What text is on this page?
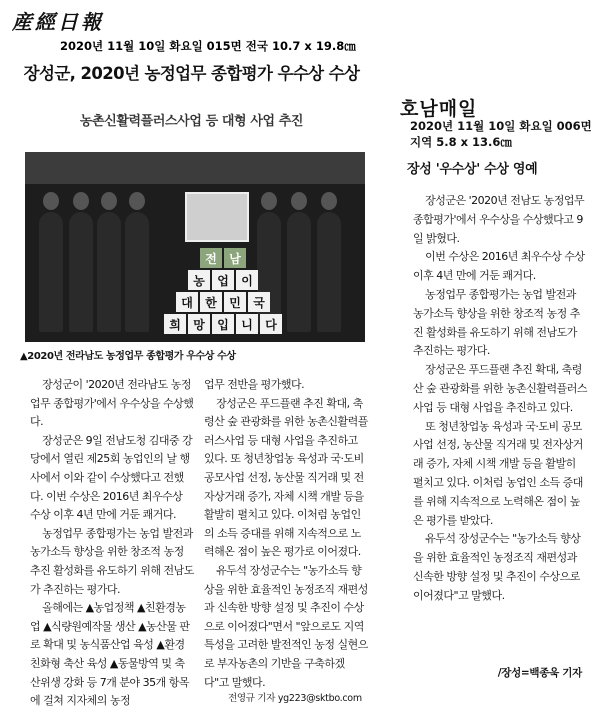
産經日報
2020년 11월 10일 화요일 015면 전국 10.7 x 19.8㎝
장성군, 2020년 농정업무 종합평가 우수상 수상
농촌신활력플러스사업 등 대형 사업 추진
전	남
농	업	이
대	한	민	국
희	망	입	니	다
▲2020년 전라남도 농정업무 종합평가 우수상 수상

장성군이 '2020년 전라남도 농정업무 종합평가'에서 우수상을 수상했다.

장성군은 9일 전남도청 김대중 강당에서 열린 제25회 농업인의 날 행사에서 이와 같이 수상했다고 전했다. 이번 수상은 2016년 최우수상 수상 이후 4년 만에 거둔 쾌거다.

농정업무 종합평가는 농업 발전과 농가소득 향상을 위한 창조적 농정 추진 활성화를 유도하기 위해 전남도가 추진하는 평가다.

올해에는 ▲농업정책 ▲친환경농업 ▲식량원예작물 생산 ▲농산물 판로 확대 및 농식품산업 육성 ▲환경친화형 축산 육성 ▲동물방역 및 축산위생 강화 등 7개 분야 35개 항목에 걸쳐 지자체의 농정

업무 전반을 평가했다.

장성군은 푸드플랜 추진 확대, 축령산 숲 관광화를 위한 농촌신활력플러스사업 등 대형 사업을 추진하고 있다. 또 청년창업농 육성과 국·도비 공모사업 선정, 농산물 직거래 및 전자상거래 증가, 자체 시책 개발 등을 활발히 펼치고 있다. 이처럼 농업인의 소득 증대를 위해 지속적으로 노력해온 점이 높은 평가로 이어졌다.

유두석 장성군수는 "농가소득 향상을 위한 효율적인 농정조직 재편성과 신속한 방향 설정 및 추진이 수상으로 이어졌다"면서 "앞으로도 지역 특성을 고려한 발전적인 농정 실현으로 부자농촌의 기반을 구축하겠다"고 말했다.

전영규 기자 yg223@sktbo.com
호남매일
2020년 11월 10일 화요일 006면 지역 5.8 x 13.6㎝
장성 '우수상' 수상 영예

장성군은 '2020년 전남도 농정업무 종합평가'에서 우수상을 수상했다고 9일 밝혔다.

이번 수상은 2016년 최우수상 수상 이후 4년 만에 거둔 쾌거다.

농정업무 종합평가는 농업 발전과 농가소득 향상을 위한 창조적 농정 추진 활성화를 유도하기 위해 전남도가 추진하는 평가다.

장성군은 푸드플랜 추진 확대, 축령산 숲 관광화를 위한 농촌신활력플러스사업 등 대형 사업을 추진하고 있다.

또 청년창업농 육성과 국·도비 공모사업 선정, 농산물 직거래 및 전자상거래 증가, 자체 시책 개발 등을 활발히 펼치고 있다. 이처럼 농업인 소득 증대를 위해 지속적으로 노력해온 점이 높은 평가를 받았다.

유두석 장성군수는 "농가소득 향상을 위한 효율적인 농정조직 재편성과 신속한 방향 설정 및 추진이 수상으로 이어졌다"고 말했다.

/장성=백종욱 기자
